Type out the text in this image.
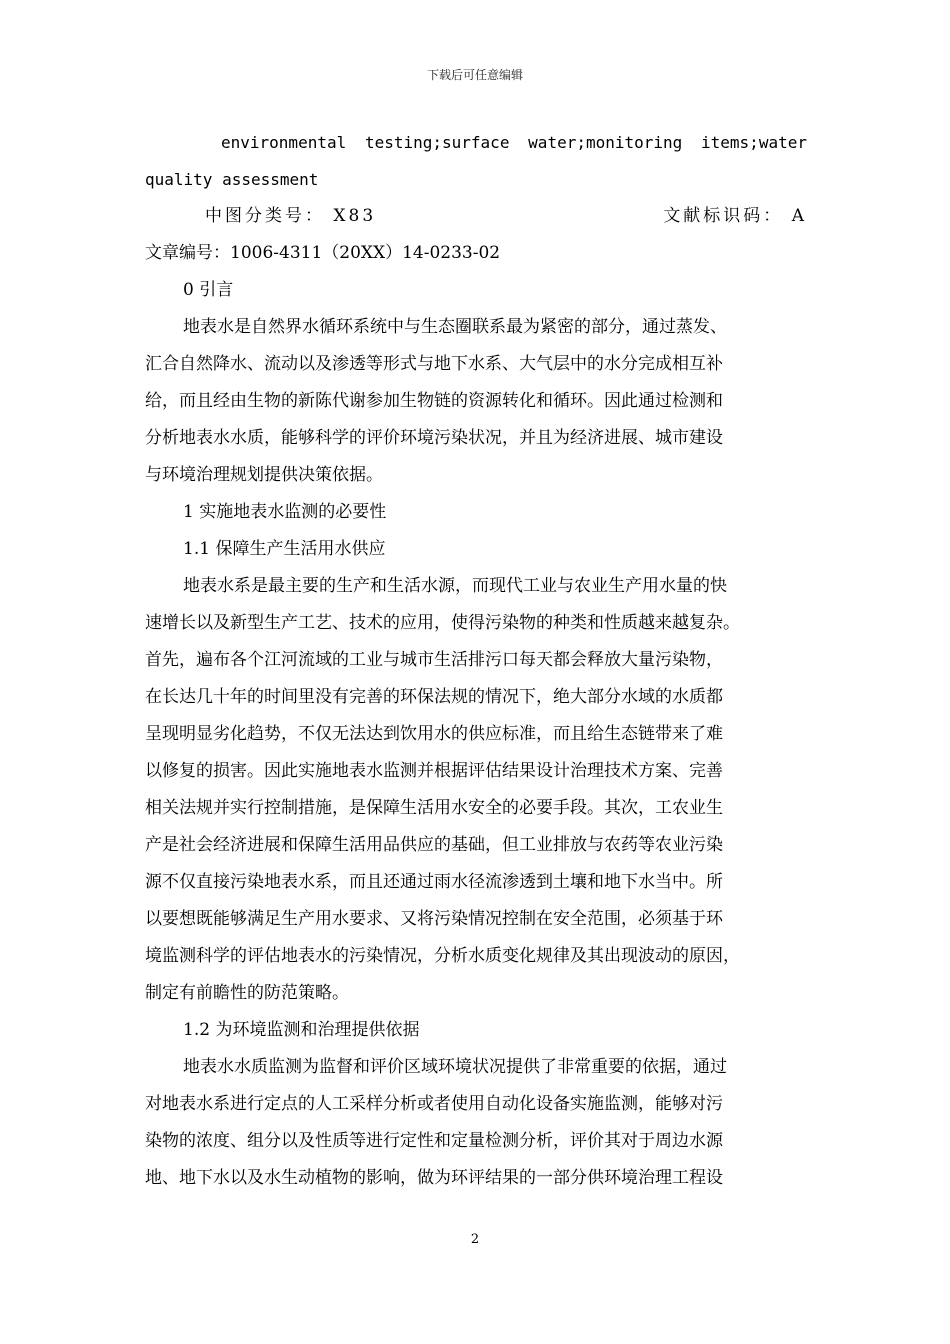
下载后可任意编辑
environmental testing;surface water;monitoring items;water
quality assessment
中图分类号： X83	文献标识码： A
文章编号：1006-4311（20XX）14-0233-02
0 引言
地表水是自然界水循环系统中与生态圈联系最为紧密的部分，通过蒸发、
汇合自然降水、流动以及渗透等形式与地下水系、大气层中的水分完成相互补
给，而且经由生物的新陈代谢参加生物链的资源转化和循环。因此通过检测和
分析地表水水质，能够科学的评价环境污染状况，并且为经济进展、城市建设
与环境治理规划提供决策依据。
1 实施地表水监测的必要性
1.1 保障生产生活用水供应
地表水系是最主要的生产和生活水源，而现代工业与农业生产用水量的快
速增长以及新型生产工艺、技术的应用，使得污染物的种类和性质越来越复杂。
首先，遍布各个江河流域的工业与城市生活排污口每天都会释放大量污染物，
在长达几十年的时间里没有完善的环保法规的情况下，绝大部分水域的水质都
呈现明显劣化趋势，不仅无法达到饮用水的供应标准，而且给生态链带来了难
以修复的损害。因此实施地表水监测并根据评估结果设计治理技术方案、完善
相关法规并实行控制措施，是保障生活用水安全的必要手段。其次，工农业生
产是社会经济进展和保障生活用品供应的基础，但工业排放与农药等农业污染
源不仅直接污染地表水系，而且还通过雨水径流渗透到土壤和地下水当中。所
以要想既能够满足生产用水要求、又将污染情况控制在安全范围，必须基于环
境监测科学的评估地表水的污染情况，分析水质变化规律及其出现波动的原因，
制定有前瞻性的防范策略。
1.2 为环境监测和治理提供依据
地表水水质监测为监督和评价区域环境状况提供了非常重要的依据，通过
对地表水系进行定点的人工采样分析或者使用自动化设备实施监测，能够对污
染物的浓度、组分以及性质等进行定性和定量检测分析，评价其对于周边水源
地、地下水以及水生动植物的影响，做为环评结果的一部分供环境治理工程设
2
